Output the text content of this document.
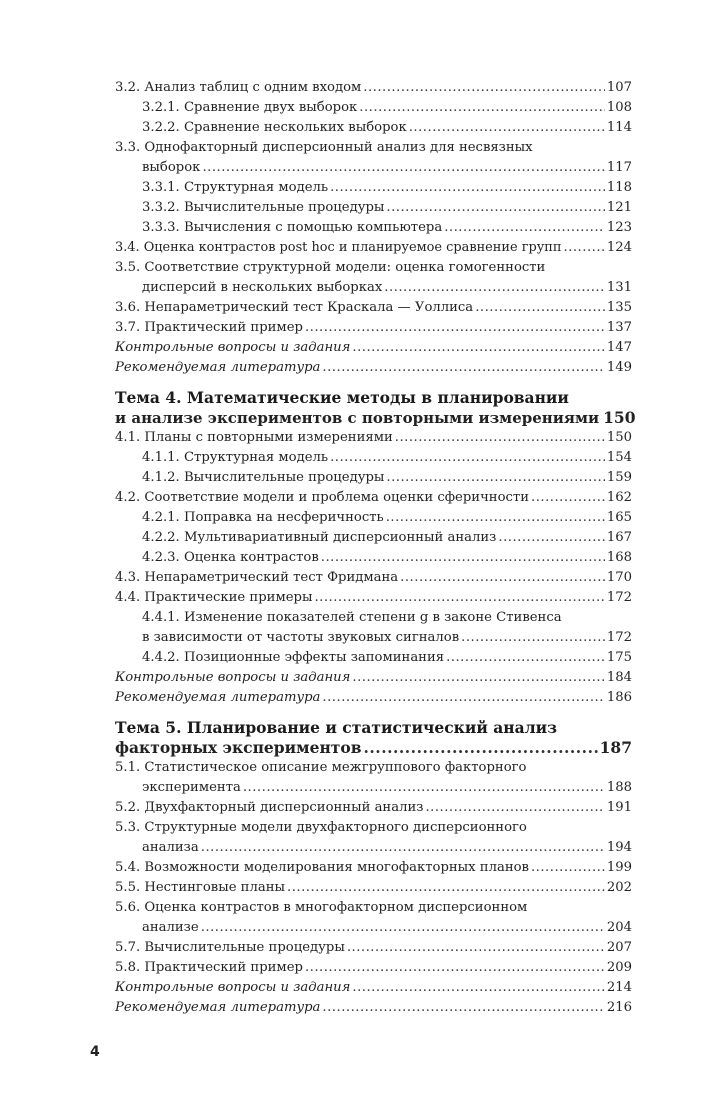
3.2. Анализ таблиц с одним входом .....	107
3.2.1. Сравнение двух выборок .....	108
3.2.2. Сравнение нескольких выборок .....	114
3.3. Однофакторный дисперсионный анализ для несвязных
выборок .....	117
3.3.1. Структурная модель .....	118
3.3.2. Вычислительные процедуры .....	121
3.3.3. Вычисления с помощью компьютера .....	123
3.4. Оценка контрастов post hoc и планируемое сравнение групп .....	124
3.5. Соответствие структурной модели: оценка гомогенности
дисперсий в нескольких выборках .....	131
3.6. Непараметрический тест Краскала — Уоллиса .....	135
3.7. Практический пример .....	137
Контрольные вопросы и задания .....	147
Рекомендуемая литература .....	149
Тема 4. Математические методы в планировании
и анализе экспериментов с повторными измерениями 150
4.1. Планы с повторными измерениями .....	150
4.1.1. Структурная модель .....	154
4.1.2. Вычислительные процедуры .....	159
4.2. Соответствие модели и проблема оценки сферичности .....	162
4.2.1. Поправка на несферичность .....	165
4.2.2. Мультивариативный дисперсионный анализ .....	167
4.2.3. Оценка контрастов .....	168
4.3. Непараметрический тест Фридмана .....	170
4.4. Практические примеры .....	172
4.4.1. Изменение показателей степени g в законе Стивенса
в зависимости от частоты звуковых сигналов .....	172
4.4.2. Позиционные эффекты запоминания .....	175
Контрольные вопросы и задания .....	184
Рекомендуемая литература .....	186
Тема 5. Планирование и статистический анализ
факторных экспериментов .....	187
5.1. Статистическое описание межгруппового факторного
эксперимента .....	188
5.2. Двухфакторный дисперсионный анализ .....	191
5.3. Структурные модели двухфакторного дисперсионного
анализа .....	194
5.4. Возможности моделирования многофакторных планов .....	199
5.5. Нестинговые планы .....	202
5.6. Оценка контрастов в многофакторном дисперсионном
анализе .....	204
5.7. Вычислительные процедуры .....	207
5.8. Практический пример .....	209
Контрольные вопросы и задания .....	214
Рекомендуемая литература .....	216
4
